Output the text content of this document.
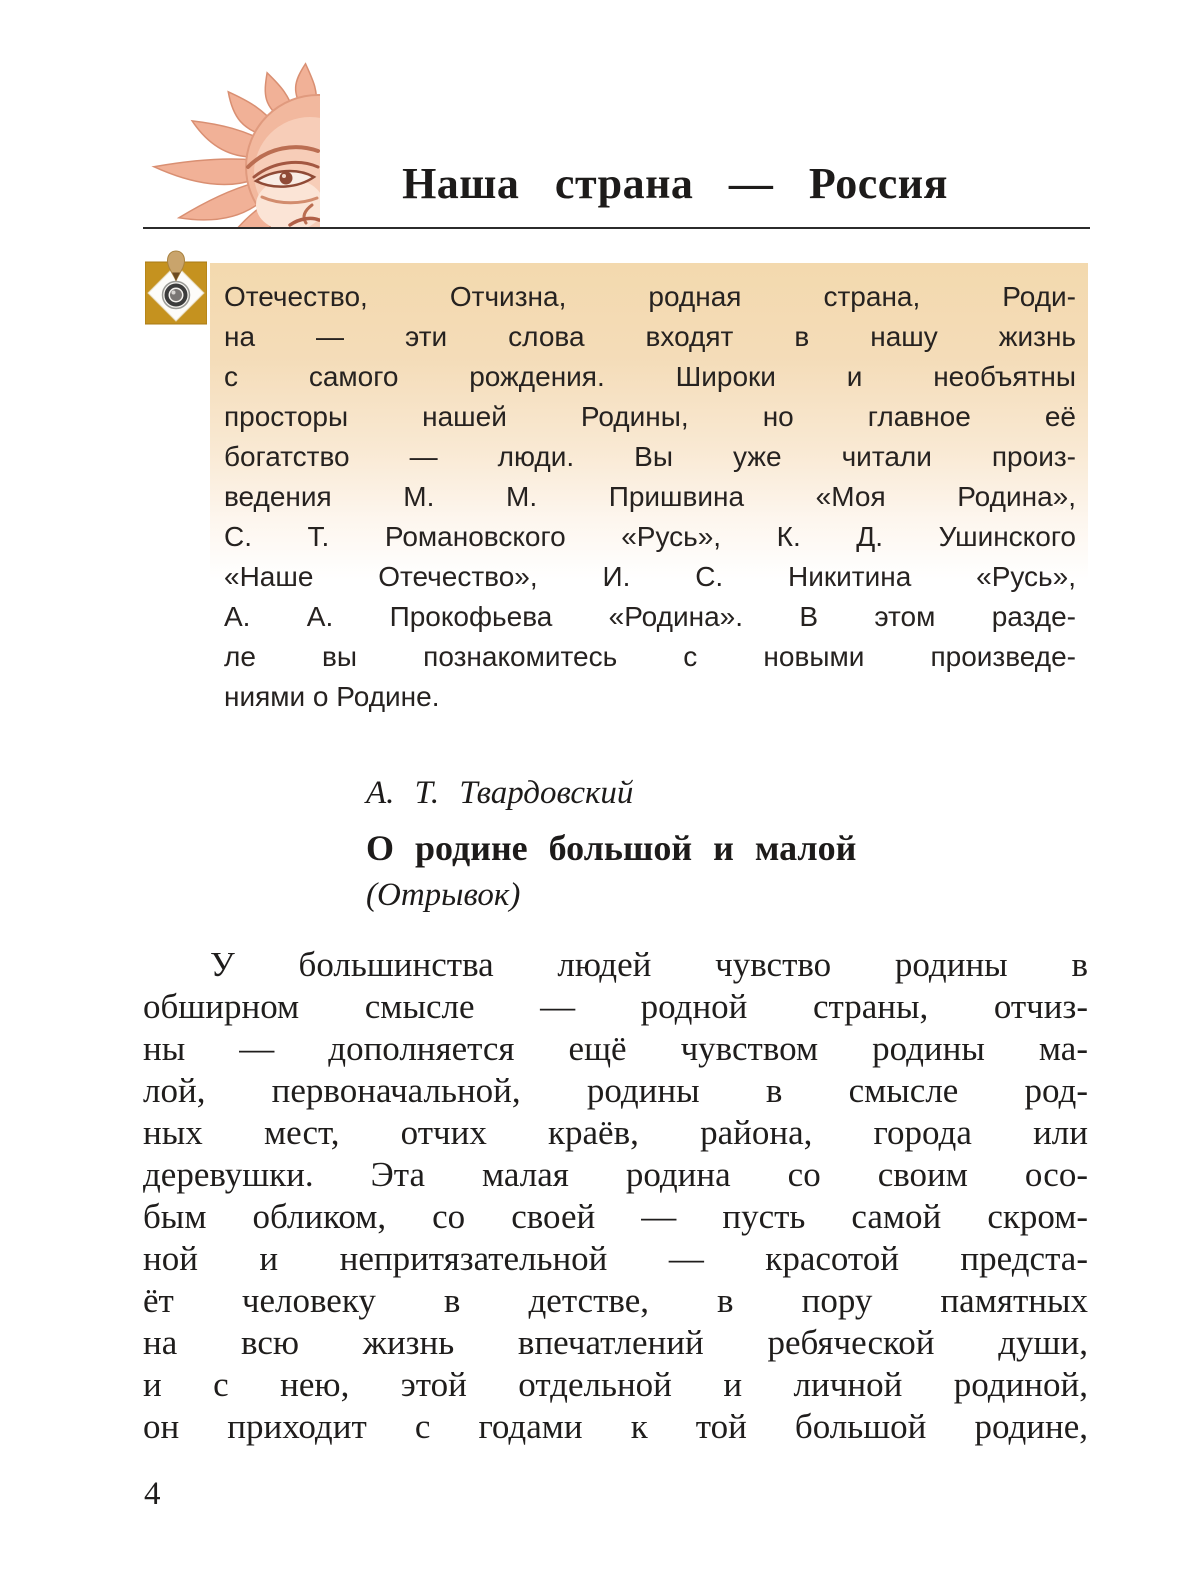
Наша страна — Россия
Отечество, Отчизна, родная страна, Роди-
на — эти слова входят в нашу жизнь
с самого рождения. Широки и необъятны
просторы нашей Родины, но главное её
богатство — люди. Вы уже читали произ-
ведения М. М. Пришвина «Моя Родина»,
С. Т. Романовского «Русь», К. Д. Ушинского
«Наше Отечество», И. С. Никитина «Русь»,
А. А. Прокофьева «Родина». В этом разде-
ле вы познакомитесь с новыми произведе-
ниями о Родине.
А. Т. Твардовский
О родине большой и малой
(Отрывок)
У большинства людей чувство родины в
обширном смысле — родной страны, отчиз-
ны — дополняется ещё чувством родины ма-
лой, первоначальной, родины в смысле род-
ных мест, отчих краёв, района, города или
деревушки. Эта малая родина со своим осо-
бым обликом, со своей — пусть самой скром-
ной и непритязательной — красотой предста-
ёт человеку в детстве, в пору памятных
на всю жизнь впечатлений ребяческой души,
и с нею, этой отдельной и личной родиной,
он приходит с годами к той большой родине,
4
